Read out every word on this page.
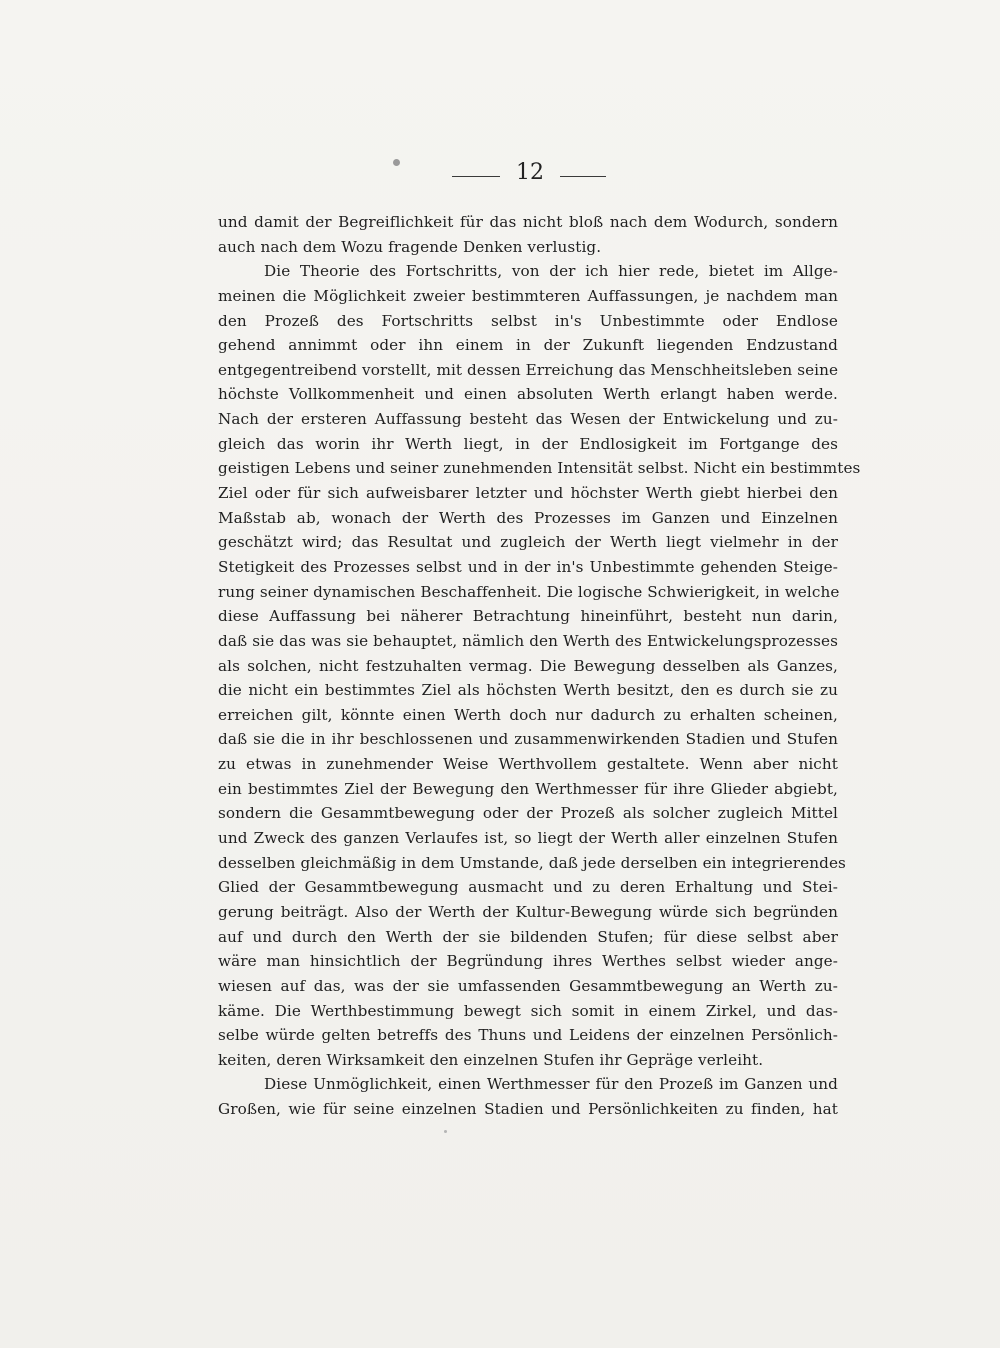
12
und damit der Begreiflichkeit für das nicht bloß nach dem Wodurch, sondern
auch nach dem Wozu fragende Denken verlustig.
Die Theorie des Fortschritts, von der ich hier rede, bietet im Allge-
meinen die Möglichkeit zweier bestimmteren Auffassungen, je nachdem man
den Prozeß des Fortschritts selbst in's Unbestimmte oder Endlose
gehend annimmt oder ihn einem in der Zukunft liegenden Endzustand
entgegentreibend vorstellt, mit dessen Erreichung das Menschheitsleben seine
höchste Vollkommenheit und einen absoluten Werth erlangt haben werde.
Nach der ersteren Auffassung besteht das Wesen der Entwickelung und zu-
gleich das worin ihr Werth liegt, in der Endlosigkeit im Fortgange des
geistigen Lebens und seiner zunehmenden Intensität selbst. Nicht ein bestimmtes
Ziel oder für sich aufweisbarer letzter und höchster Werth giebt hierbei den
Maßstab ab, wonach der Werth des Prozesses im Ganzen und Einzelnen
geschätzt wird; das Resultat und zugleich der Werth liegt vielmehr in der
Stetigkeit des Prozesses selbst und in der in's Unbestimmte gehenden Steige-
rung seiner dynamischen Beschaffenheit. Die logische Schwierigkeit, in welche
diese Auffassung bei näherer Betrachtung hineinführt, besteht nun darin,
daß sie das was sie behauptet, nämlich den Werth des Entwickelungsprozesses
als solchen, nicht festzuhalten vermag. Die Bewegung desselben als Ganzes,
die nicht ein bestimmtes Ziel als höchsten Werth besitzt, den es durch sie zu
erreichen gilt, könnte einen Werth doch nur dadurch zu erhalten scheinen,
daß sie die in ihr beschlossenen und zusammenwirkenden Stadien und Stufen
zu etwas in zunehmender Weise Werthvollem gestaltete. Wenn aber nicht
ein bestimmtes Ziel der Bewegung den Werthmesser für ihre Glieder abgiebt,
sondern die Gesammtbewegung oder der Prozeß als solcher zugleich Mittel
und Zweck des ganzen Verlaufes ist, so liegt der Werth aller einzelnen Stufen
desselben gleichmäßig in dem Umstande, daß jede derselben ein integrierendes
Glied der Gesammtbewegung ausmacht und zu deren Erhaltung und Stei-
gerung beiträgt. Also der Werth der Kultur-Bewegung würde sich begründen
auf und durch den Werth der sie bildenden Stufen; für diese selbst aber
wäre man hinsichtlich der Begründung ihres Werthes selbst wieder ange-
wiesen auf das, was der sie umfassenden Gesammtbewegung an Werth zu-
käme. Die Werthbestimmung bewegt sich somit in einem Zirkel, und das-
selbe würde gelten betreffs des Thuns und Leidens der einzelnen Persönlich-
keiten, deren Wirksamkeit den einzelnen Stufen ihr Gepräge verleiht.
Diese Unmöglichkeit, einen Werthmesser für den Prozeß im Ganzen und
Großen, wie für seine einzelnen Stadien und Persönlichkeiten zu finden, hat
